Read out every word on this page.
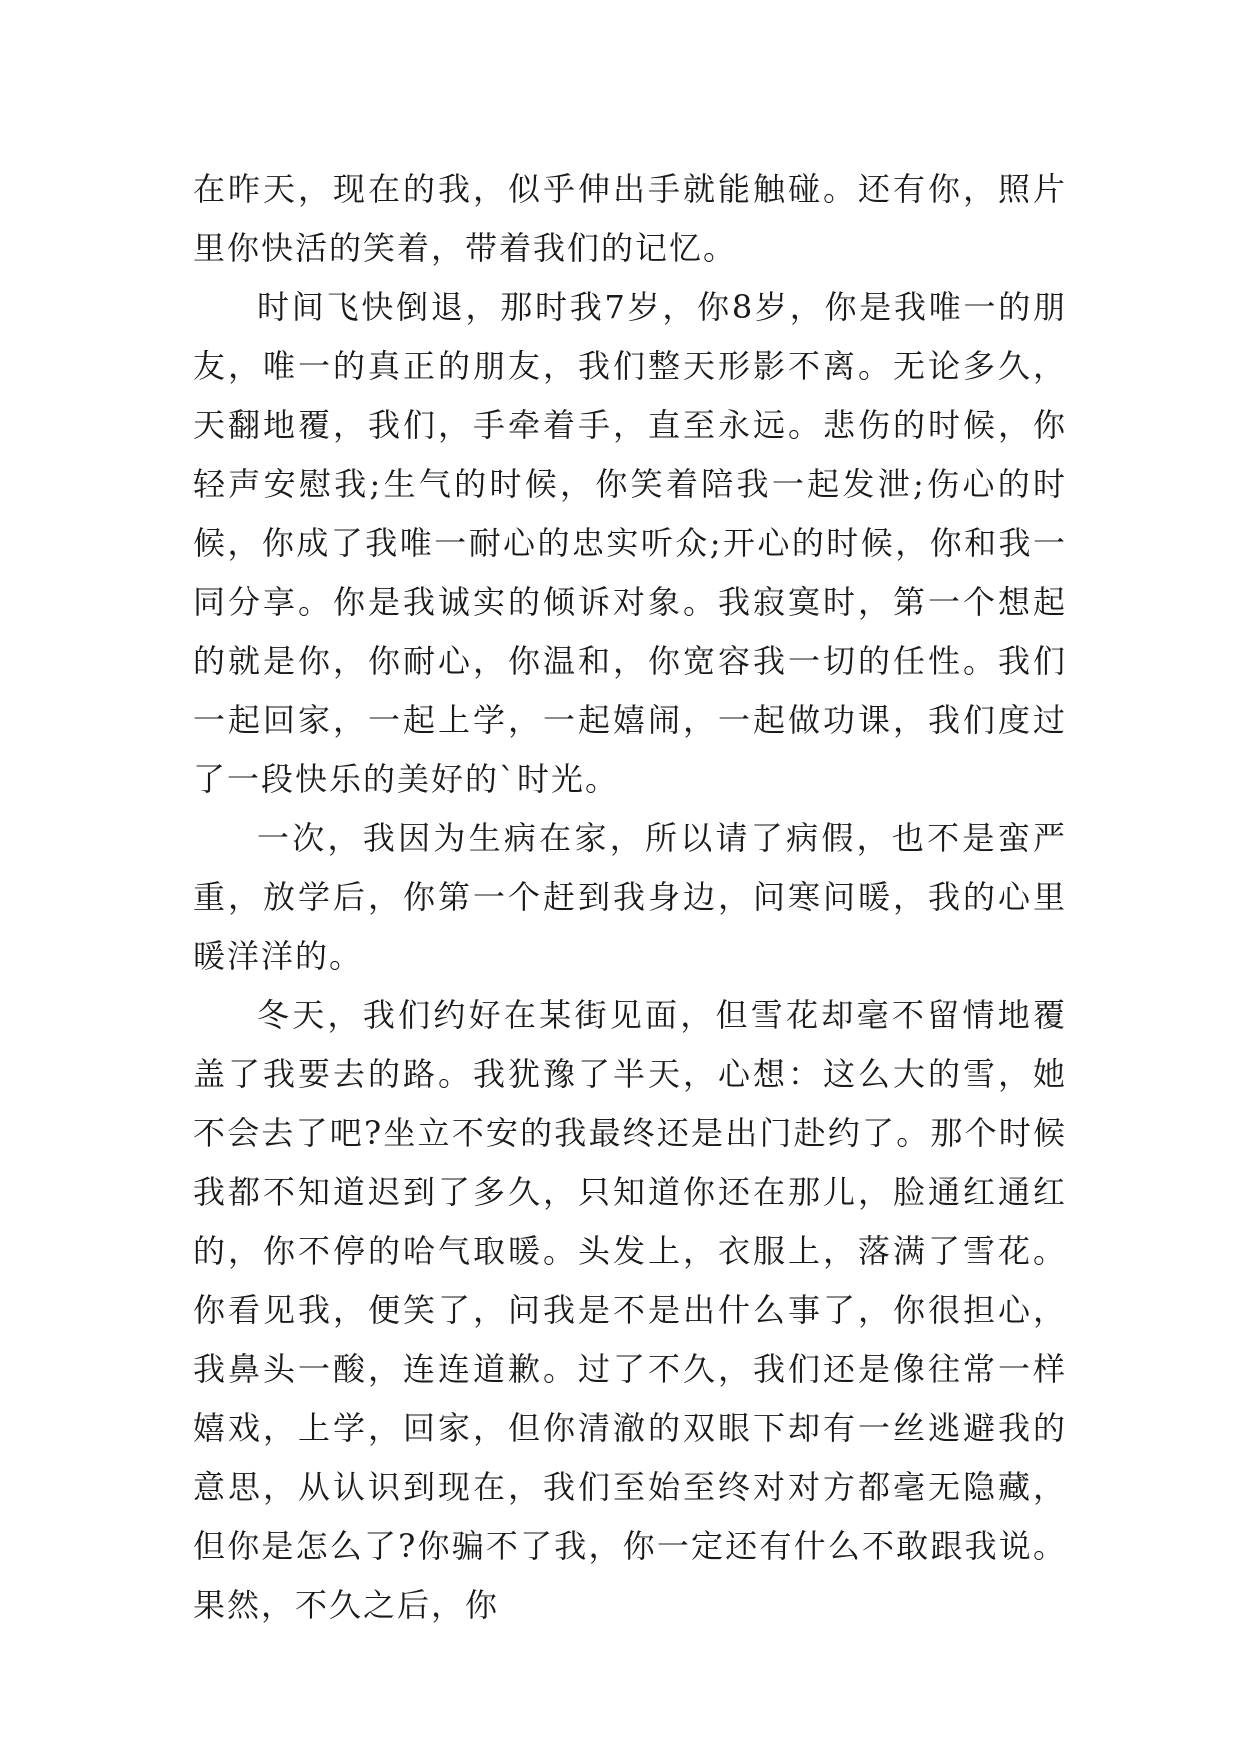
在昨天，现在的我，似乎伸出手就能触碰。还有你，照片里你快活的笑着，带着我们的记忆。

时间飞快倒退，那时我7岁，你8岁，你是我唯一的朋友，唯一的真正的朋友，我们整天形影不离。无论多久，天翻地覆，我们，手牵着手，直至永远。悲伤的时候，你轻声安慰我;生气的时候，你笑着陪我一起发泄;伤心的时候，你成了我唯一耐心的忠实听众;开心的时候，你和我一同分享。你是我诚实的倾诉对象。我寂寞时，第一个想起的就是你，你耐心，你温和，你宽容我一切的任性。我们一起回家，一起上学，一起嬉闹，一起做功课，我们度过了一段快乐的美好的`时光。

一次，我因为生病在家，所以请了病假，也不是蛮严重，放学后，你第一个赶到我身边，问寒问暖，我的心里暖洋洋的。

冬天，我们约好在某街见面，但雪花却毫不留情地覆盖了我要去的路。我犹豫了半天，心想：这么大的雪，她不会去了吧?坐立不安的我最终还是出门赴约了。那个时候我都不知道迟到了多久，只知道你还在那儿，脸通红通红的，你不停的哈气取暖。头发上，衣服上，落满了雪花。你看见我，便笑了，问我是不是出什么事了，你很担心，我鼻头一酸，连连道歉。过了不久，我们还是像往常一样嬉戏，上学，回家，但你清澈的双眼下却有一丝逃避我的意思，从认识到现在，我们至始至终对对方都毫无隐藏，但你是怎么了?你骗不了我，你一定还有什么不敢跟我说。果然，不久之后，你
